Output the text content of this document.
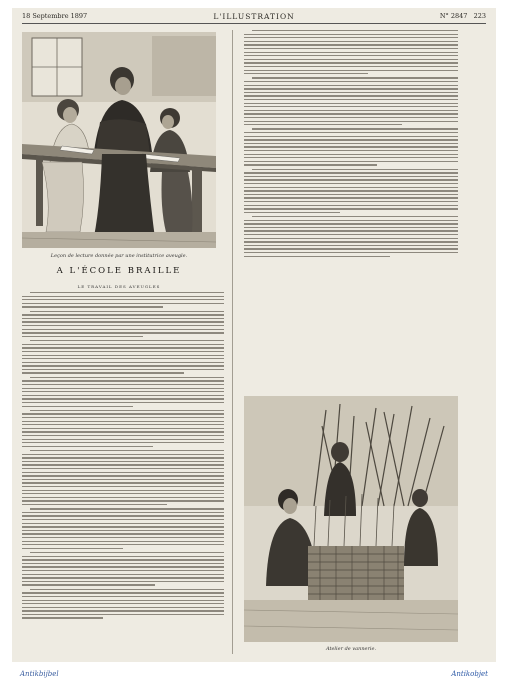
18 Septembre 1897	L'ILLUSTRATION	N° 2847 223
Leçon de lecture donnée par une institutrice aveugle.
A L'ÉCOLE BRAILLE
LE TRAVAIL DES AVEUGLES
Atelier de vannerie.
Antikbijbel	Antikobjet
